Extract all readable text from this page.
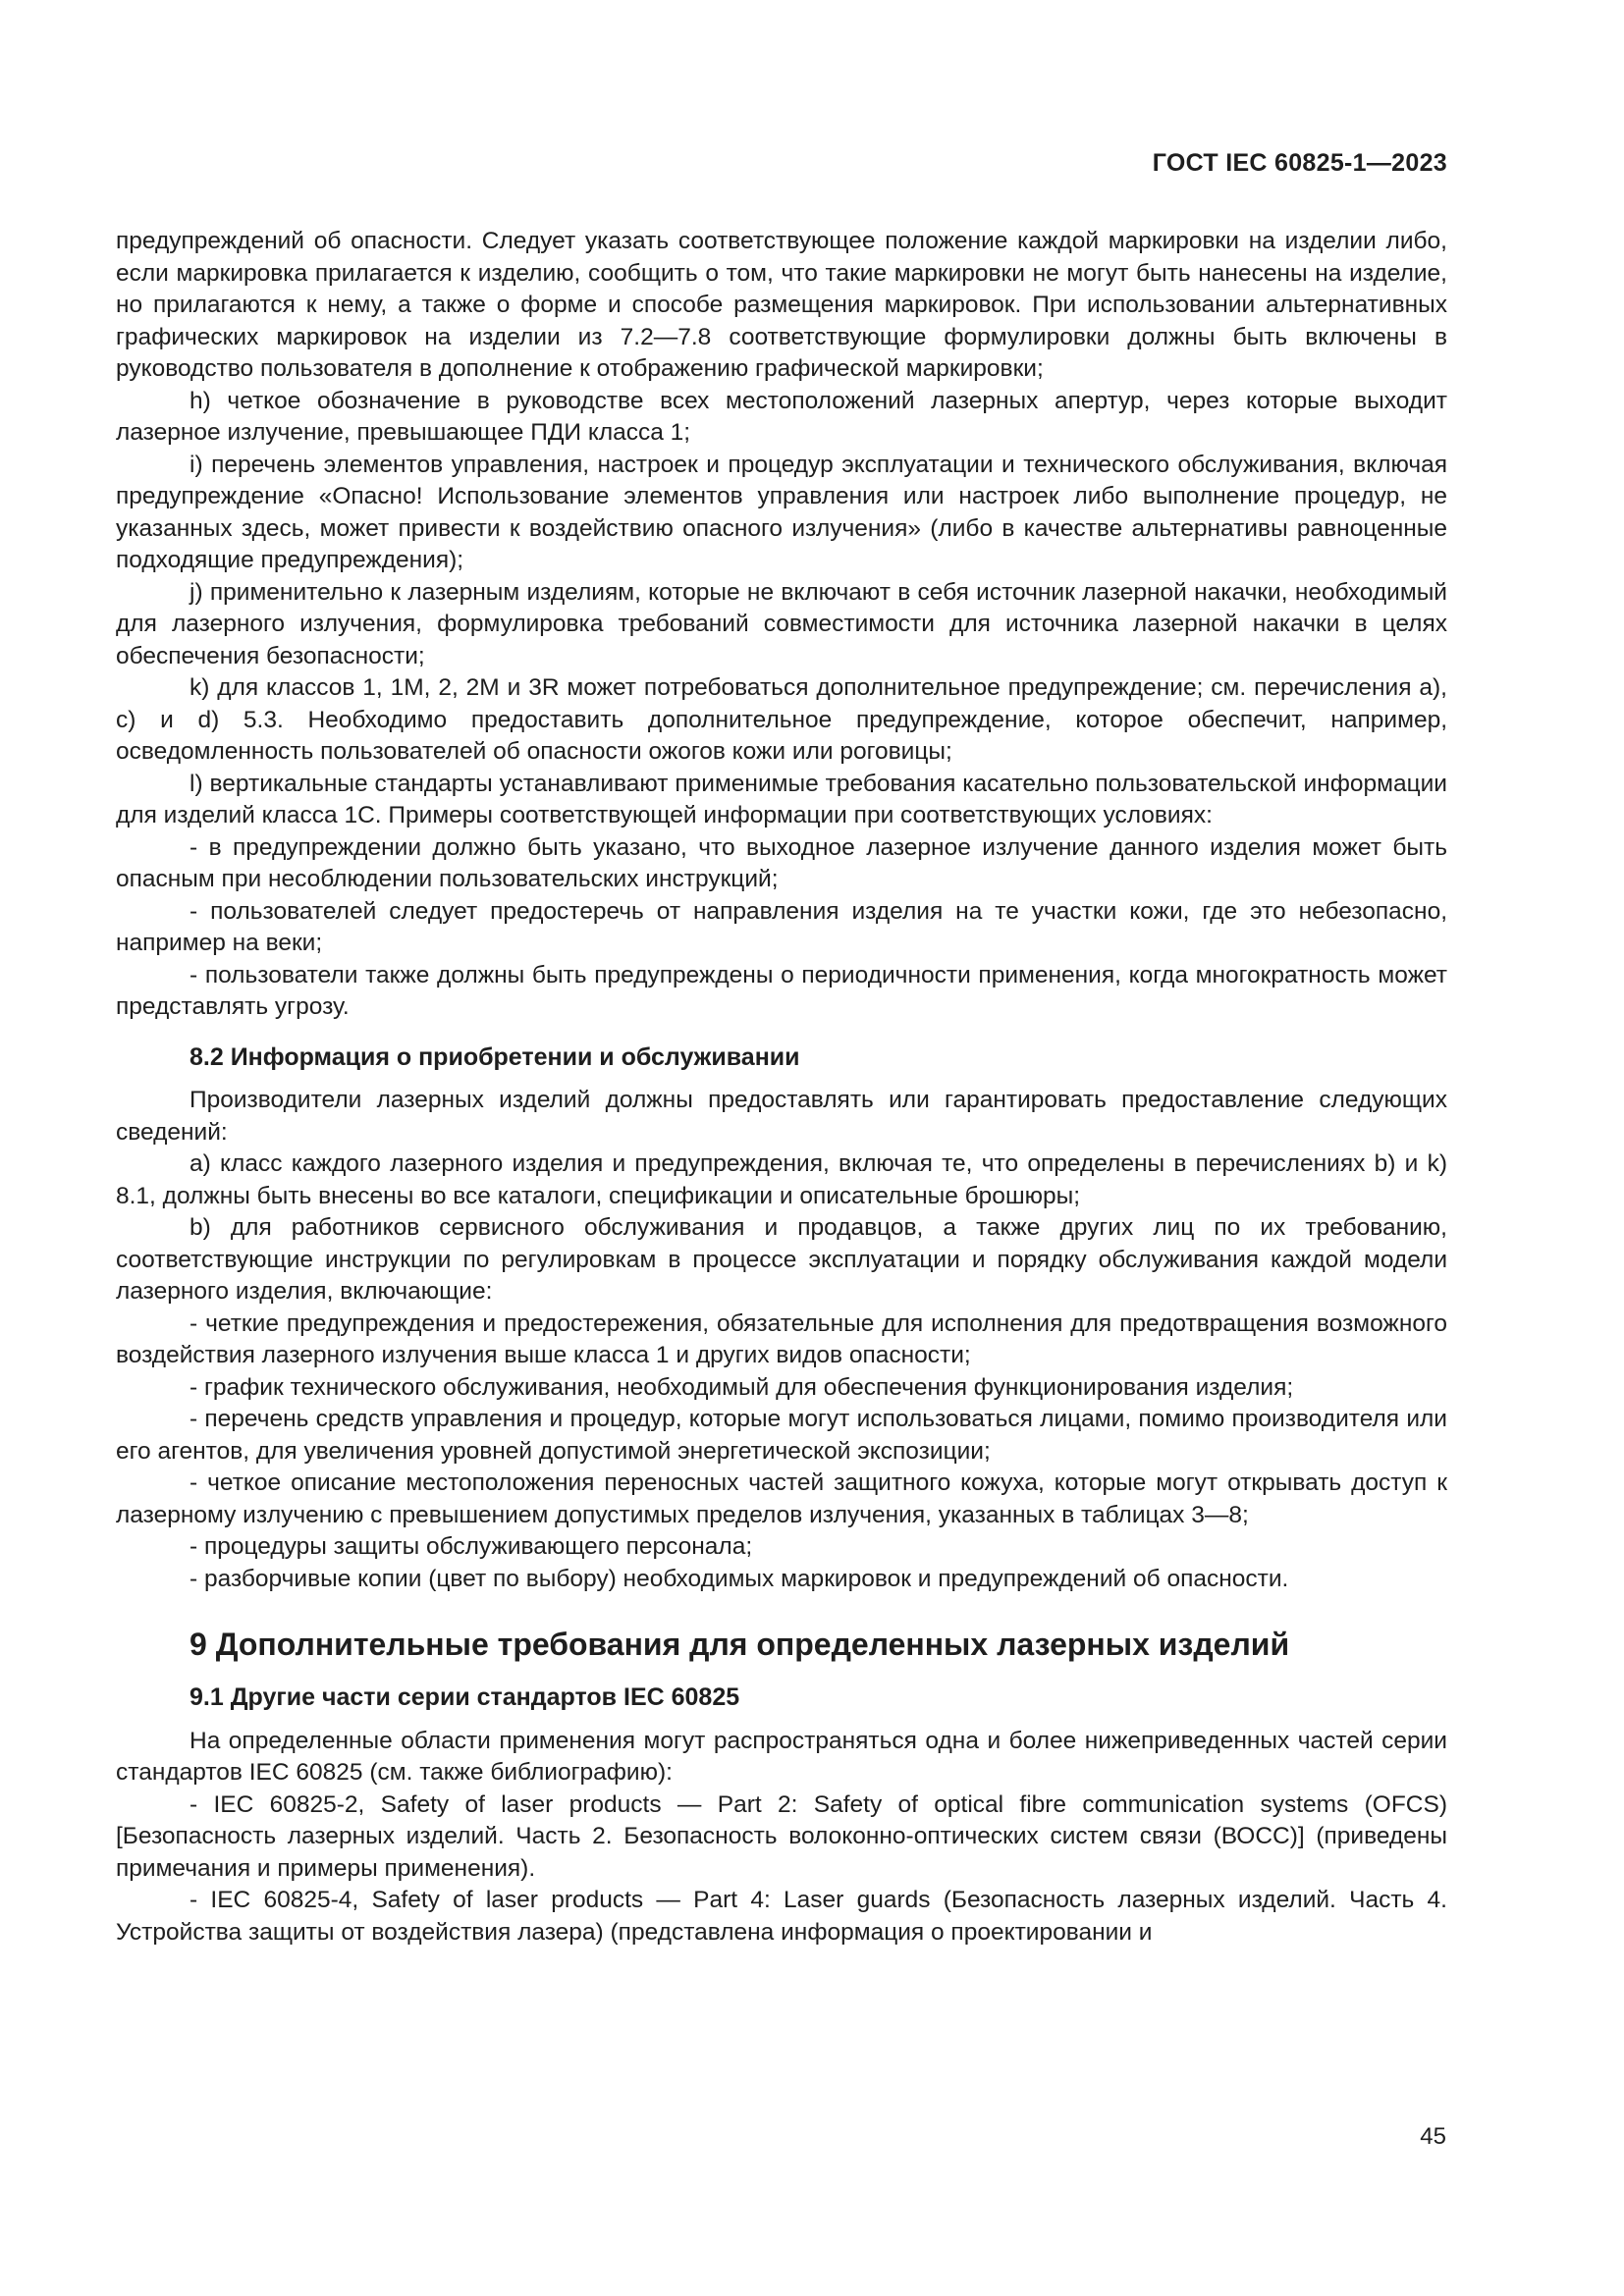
ГОСТ IEC 60825-1—2023

предупреждений об опасности. Следует указать соответствующее положение каждой маркировки на изделии либо, если маркировка прилагается к изделию, сообщить о том, что такие маркировки не могут быть нанесены на изделие, но прилагаются к нему, а также о форме и способе размещения маркировок. При использовании альтернативных графических маркировок на изделии из 7.2—7.8 соответствующие формулировки должны быть включены в руководство пользователя в дополнение к отображению графической маркировки;

h) четкое обозначение в руководстве всех местоположений лазерных апертур, через которые выходит лазерное излучение, превышающее ПДИ класса 1;

i) перечень элементов управления, настроек и процедур эксплуатации и технического обслуживания, включая предупреждение «Опасно! Использование элементов управления или настроек либо выполнение процедур, не указанных здесь, может привести к воздействию опасного излучения» (либо в качестве альтернативы равноценные подходящие предупреждения);

j) применительно к лазерным изделиям, которые не включают в себя источник лазерной накачки, необходимый для лазерного излучения, формулировка требований совместимости для источника лазерной накачки в целях обеспечения безопасности;

k) для классов 1, 1M, 2, 2M и 3R может потребоваться дополнительное предупреждение; см. перечисления a), c) и d) 5.3. Необходимо предоставить дополнительное предупреждение, которое обеспечит, например, осведомленность пользователей об опасности ожогов кожи или роговицы;

l) вертикальные стандарты устанавливают применимые требования касательно пользовательской информации для изделий класса 1C. Примеры соответствующей информации при соответствующих условиях:

- в предупреждении должно быть указано, что выходное лазерное излучение данного изделия может быть опасным при несоблюдении пользовательских инструкций;

- пользователей следует предостеречь от направления изделия на те участки кожи, где это небезопасно, например на веки;

- пользователи также должны быть предупреждены о периодичности применения, когда многократность может представлять угрозу.

8.2 Информация о приобретении и обслуживании

Производители лазерных изделий должны предоставлять или гарантировать предоставление следующих сведений:

a) класс каждого лазерного изделия и предупреждения, включая те, что определены в перечислениях b) и k) 8.1, должны быть внесены во все каталоги, спецификации и описательные брошюры;

b) для работников сервисного обслуживания и продавцов, а также других лиц по их требованию, соответствующие инструкции по регулировкам в процессе эксплуатации и порядку обслуживания каждой модели лазерного изделия, включающие:

- четкие предупреждения и предостережения, обязательные для исполнения для предотвращения возможного воздействия лазерного излучения выше класса 1 и других видов опасности;

- график технического обслуживания, необходимый для обеспечения функционирования изделия;

- перечень средств управления и процедур, которые могут использоваться лицами, помимо производителя или его агентов, для увеличения уровней допустимой энергетической экспозиции;

- четкое описание местоположения переносных частей защитного кожуха, которые могут открывать доступ к лазерному излучению с превышением допустимых пределов излучения, указанных в таблицах 3—8;

- процедуры защиты обслуживающего персонала;

- разборчивые копии (цвет по выбору) необходимых маркировок и предупреждений об опасности.

9 Дополнительные требования для определенных лазерных изделий
9.1 Другие части серии стандартов IEC 60825

На определенные области применения могут распространяться одна и более нижеприведенных частей серии стандартов IEC 60825 (см. также библиографию):

- IEC 60825-2, Safety of laser products — Part 2: Safety of optical fibre communication systems (OFCS) [Безопасность лазерных изделий. Часть 2. Безопасность волоконно-оптических систем связи (ВОСС)] (приведены примечания и примеры применения).

- IEC 60825-4, Safety of laser products — Part 4: Laser guards (Безопасность лазерных изделий. Часть 4. Устройства защиты от воздействия лазера) (представлена информация о проектировании и

45
